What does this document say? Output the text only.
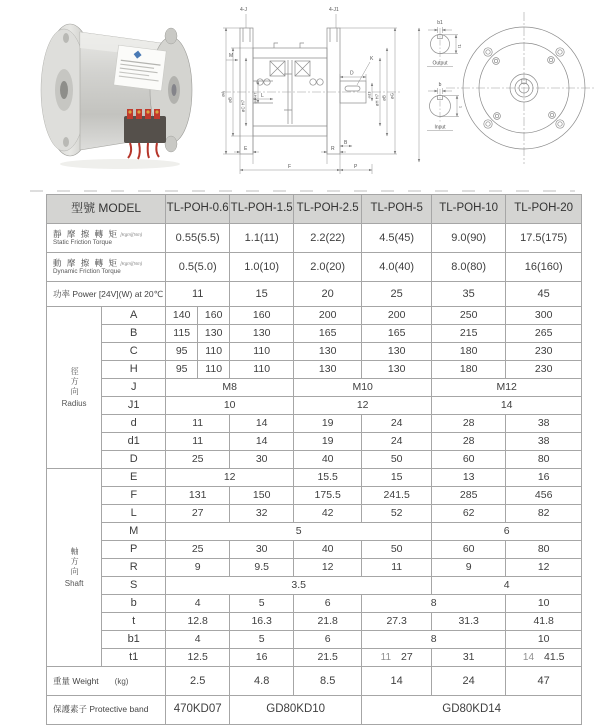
4-J	4-J1
M
øA
øB øC H7
ød H7 L
D
K
ød1 øH H7 øB øG
E
B
R
F	P
b1
t1
Output
b
t
Input
型號 MODEL		TL-POH-0.6		TL-POH-1.5	TL-POH-2.5	TL-POH-5	TL-POH-10	TL-POH-20

靜 摩 擦 轉 矩 [Kgm](Nm)
Static Friction Torque		0.55(5.5)		1.1(11)	2.2(22)	4.5(45)	9.0(90)	17.5(175)

動 摩 擦 轉 矩 [Kgm](Nm)
Dynamic Friction Torque		0.5(5.0)		1.0(10)	2.0(20)	4.0(40)	8.0(80)	16(160)
功率 Power [24V](W) at 20℃		11		15	20	25	35	45

徑方向
Radius	A	140	160	160	200	200	250	300
	B	115	130	130	165	165	215	265
	C	95	110	110	130	130	180	230
	H	95	110	110	130	130	180	230
	J	M8			M10		M12	
	J1	10			12		14	
	d	11		14	19	24	28	38
	d1	11		14	19	24	28	38
	D	25		30	40	50	60	80

軸方向
Shaft	E	12			15.5	15	13	16
	F	131		150	175.5	241.5	285	456
	L	27		32	42	52	62	82
	M	5					6	
	P	25		30	40	50	60	80
	R	9		9.5	12	11	9	12
	S	3.5					4	
	b	4		5	6	8		10
	t	12.8		16.3	21.8	27.3	31.3	41.8
	b1	4		5	6	8		10
	t1	12.5		16	21.5	11 27	31	14 41.5
重量 Weight (kg)		2.5		4.8	8.5	14	24	47
保護素子 Protective band		470KD07		GD80KD10		GD80KD14		
